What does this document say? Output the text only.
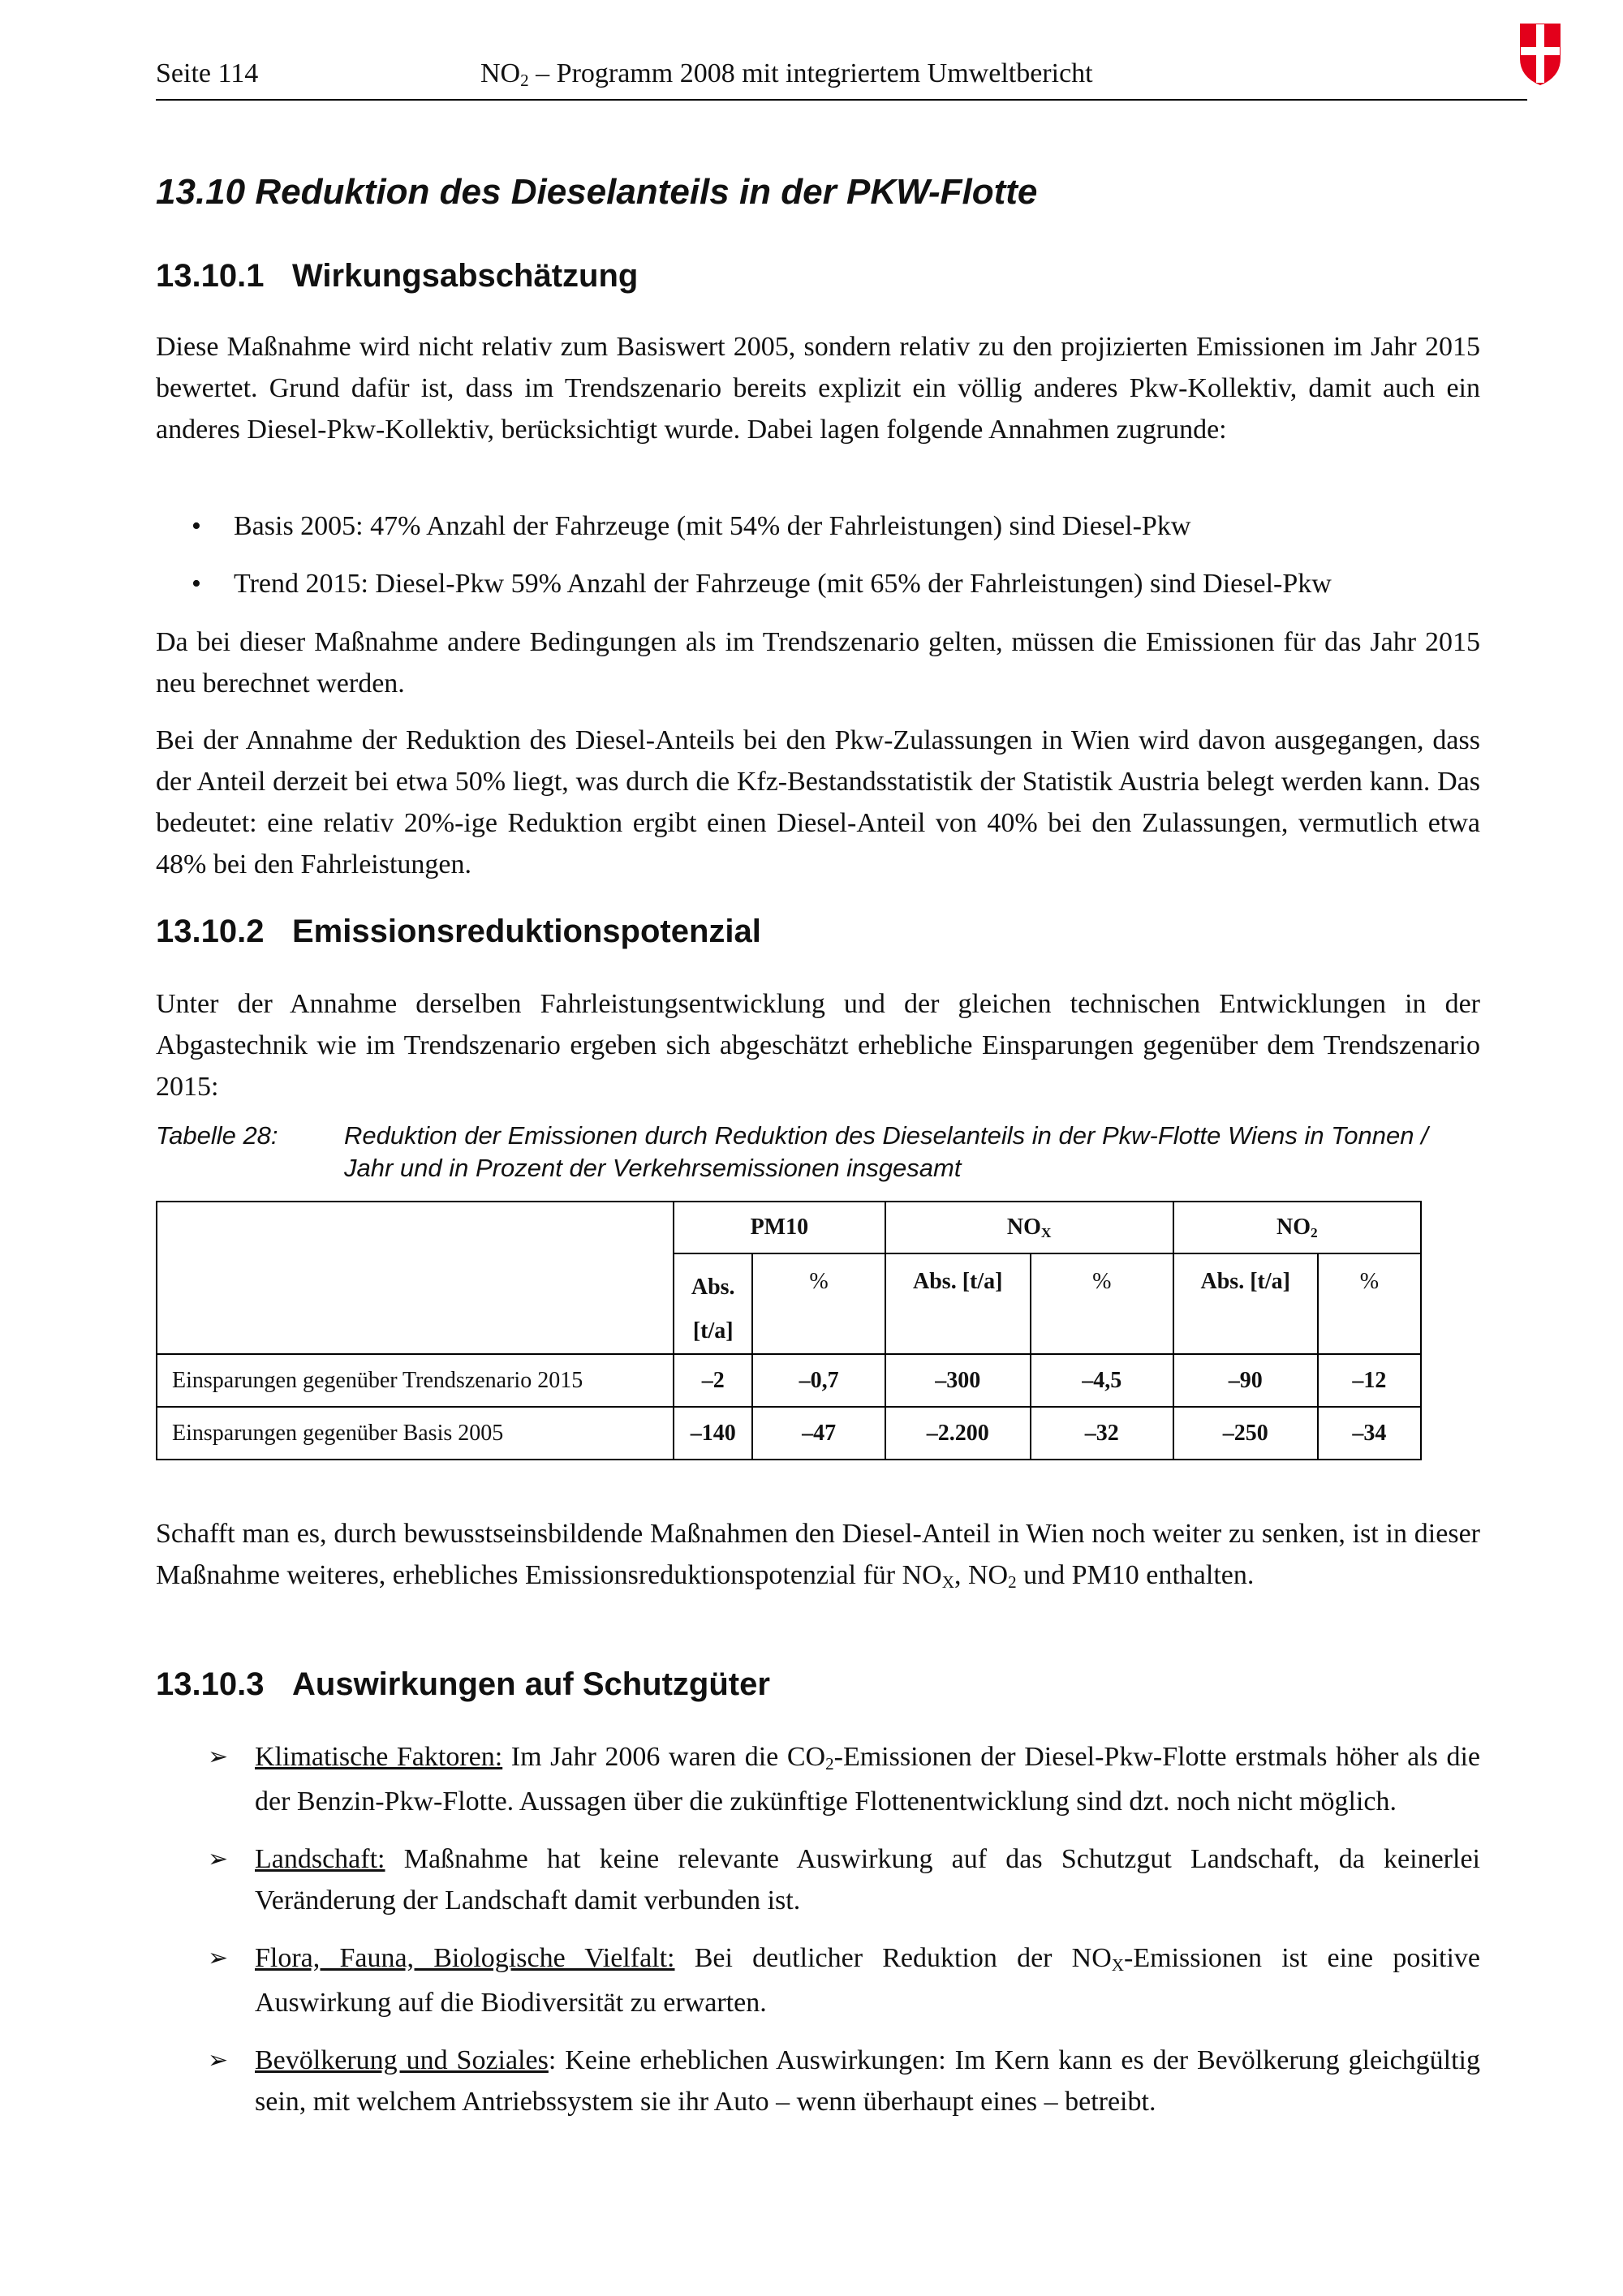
Seite 114	NO2 – Programm 2008 mit integriertem Umweltbericht
13.10 Reduktion des Dieselanteils in der PKW-Flotte
13.10.1 Wirkungsabschätzung

Diese Maßnahme wird nicht relativ zum Basiswert 2005, sondern relativ zu den projizierten Emissionen im Jahr 2015 bewertet. Grund dafür ist, dass im Trendszenario bereits explizit ein völlig anderes Pkw-Kollektiv, damit auch ein anderes Diesel-Pkw-Kollektiv, berücksichtigt wurde. Dabei lagen folgende Annahmen zugrunde:

• Basis 2005: 47% Anzahl der Fahrzeuge (mit 54% der Fahrleistungen) sind Diesel-Pkw
• Trend 2015: Diesel-Pkw 59% Anzahl der Fahrzeuge (mit 65% der Fahrleistungen) sind Diesel-Pkw

Da bei dieser Maßnahme andere Bedingungen als im Trendszenario gelten, müssen die Emissionen für das Jahr 2015 neu berechnet werden.

Bei der Annahme der Reduktion des Diesel-Anteils bei den Pkw-Zulassungen in Wien wird davon ausgegangen, dass der Anteil derzeit bei etwa 50% liegt, was durch die Kfz-Bestandsstatistik der Statistik Austria belegt werden kann. Das bedeutet: eine relativ 20%-ige Reduktion ergibt einen Diesel-Anteil von 40% bei den Zulassungen, vermutlich etwa 48% bei den Fahrleistungen.

13.10.2 Emissionsreduktionspotenzial

Unter der Annahme derselben Fahrleistungsentwicklung und der gleichen technischen Entwicklungen in der Abgastechnik wie im Trendszenario ergeben sich abgeschätzt erhebliche Einsparungen gegenüber dem Trendszenario 2015:

Tabelle 28:	Reduktion der Emissionen durch Reduktion des Dieselanteils in der Pkw-Flotte Wiens in Tonnen / Jahr und in Prozent der Verkehrsemissionen insgesamt
	PM10		NOX		NO2	
	Abs.
[t/a]	%	Abs. [t/a]	%	Abs. [t/a]	%
Einsparungen gegenüber Trendszenario 2015	–2	–0,7	–300	–4,5	–90	–12
Einsparungen gegenüber Basis 2005	–140	–47	–2.200	–32	–250	–34

Schafft man es, durch bewusstseinsbildende Maßnahmen den Diesel-Anteil in Wien noch weiter zu senken, ist in dieser Maßnahme weiteres, erhebliches Emissionsreduktionspotenzial für NOX, NO2 und PM10 enthalten.

13.10.3 Auswirkungen auf Schutzgüter
➢ Klimatische Faktoren: Im Jahr 2006 waren die CO2-Emissionen der Diesel-Pkw-Flotte erstmals höher als die der Benzin-Pkw-Flotte. Aussagen über die zukünftige Flottenentwicklung sind dzt. noch nicht möglich.
➢ Landschaft: Maßnahme hat keine relevante Auswirkung auf das Schutzgut Landschaft, da keinerlei Veränderung der Landschaft damit verbunden ist.
➢ Flora, Fauna, Biologische Vielfalt: Bei deutlicher Reduktion der NOX-Emissionen ist eine positive Auswirkung auf die Biodiversität zu erwarten.
➢ Bevölkerung und Soziales: Keine erheblichen Auswirkungen: Im Kern kann es der Bevölkerung gleichgültig sein, mit welchem Antriebssystem sie ihr Auto – wenn überhaupt eines – betreibt.
